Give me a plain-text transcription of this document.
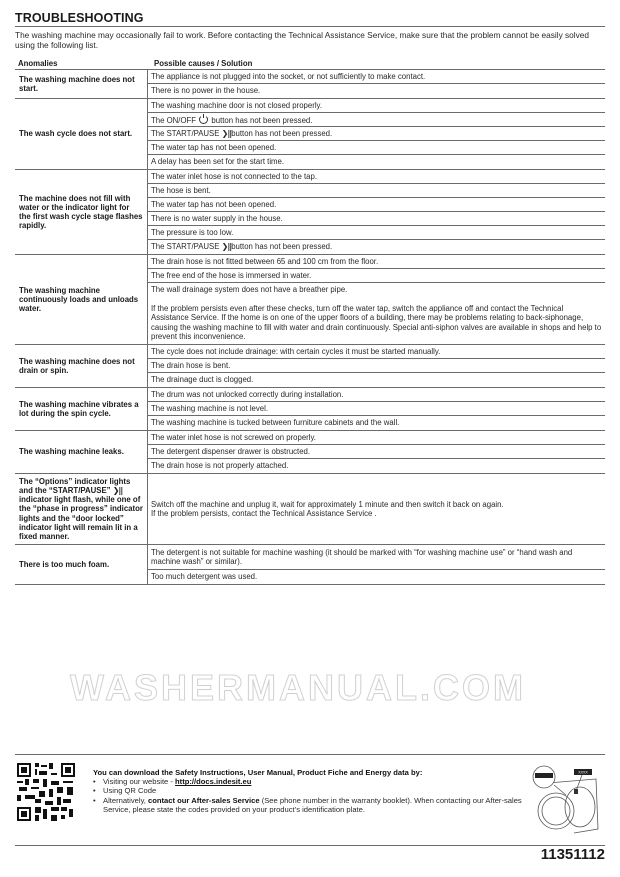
TROUBLESHOOTING
The washing machine may occasionally fail to work. Before contacting the Technical Assistance Service, make sure that the problem cannot be easily solved using the following list.
Anomalies	Possible causes / Solution
The washing machine does not start.
The appliance is not plugged into the socket, or not sufficiently to make contact.
There is no power in the house.
The wash cycle does not start.
The washing machine door is not closed properly.
The ON/OFF button has not been pressed.
The START/PAUSE ❯||button has not been pressed.
The water tap has not been opened.
A delay has been set for the start time.
The machine does not fill with water or the indicator light for the first wash cycle stage flashes rapidly.
The water inlet hose is not connected to the tap.
The hose is bent.
The water tap has not been opened.
There is no water supply in the house.
The pressure is too low.
The START/PAUSE ❯||button has not been pressed.
The washing machine continuously loads and unloads water.
The drain hose is not fitted between 65 and 100 cm from the floor.
The free end of the hose is immersed in water.
The wall drainage system does not have a breather pipe.
If the problem persists even after these checks, turn off the water tap, switch the appliance off and contact the Technical Assistance Service. If the home is on one of the upper floors of a building, there may be problems relating to back-siphonage, causing the washing machine to fill with water and drain continuously. Special anti-siphon valves are available in shops and help to prevent this inconvenience.
The washing machine does not drain or spin.
The cycle does not include drainage: with certain cycles it must be started manually.
The drain hose is bent.
The drainage duct is clogged.
The washing machine vibrates a lot during the spin cycle.
The drum was not unlocked correctly during installation.
The washing machine is not level.
The washing machine is tucked between furniture cabinets and the wall.
The washing machine leaks.
The water inlet hose is not screwed on properly.
The detergent dispenser drawer is obstructed.
The drain hose is not properly attached.
The “Options” indicator lights and the “START/PAUSE” ❯|| indicator light flash, while one of the “phase in progress” indicator lights and the “door locked” indicator light will remain lit in a fixed manner.
Switch off the machine and unplug it, wait for approximately 1 minute and then switch it back on again.
If the problem persists, contact the Technical Assistance Service .
There is too much foam.
The detergent is not suitable for machine washing (it should be marked with “for washing machine use” or “hand wash and machine wash” or similar).
Too much detergent was used.
WASHERMANUAL.COM
You can download the Safety Instructions, User Manual, Product Fiche and Energy data by:
• Visiting our website - http://docs.indesit.eu
• Using QR Code
• Alternatively, contact our After-sales Service (See phone number in the warranty booklet). When contacting our After-sales Service, please state the codes provided on your product’s identification plate.
XXXX
11351112
